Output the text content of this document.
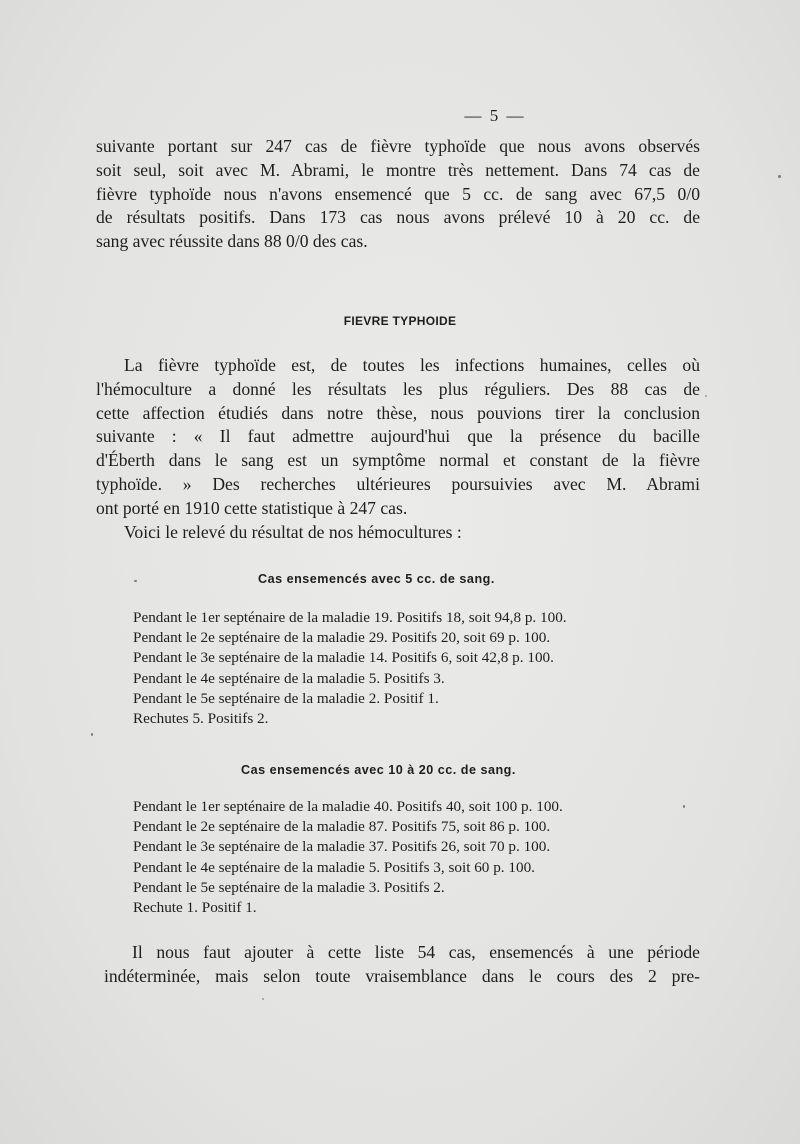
— 5 —
suivante portant sur 247 cas de fièvre typhoïde que nous avons observés
soit seul, soit avec M. Abrami, le montre très nettement. Dans 74 cas de
fièvre typhoïde nous n'avons ensemencé que 5 cc. de sang avec 67,5 0/0
de résultats positifs. Dans 173 cas nous avons prélevé 10 à 20 cc. de
sang avec réussite dans 88 0/0 des cas.
FIEVRE TYPHOIDE
La fièvre typhoïde est, de toutes les infections humaines, celles où
l'hémoculture a donné les résultats les plus réguliers. Des 88 cas de
cette affection étudiés dans notre thèse, nous pouvions tirer la conclusion
suivante : « Il faut admettre aujourd'hui que la présence du bacille
d'Éberth dans le sang est un symptôme normal et constant de la fièvre
typhoïde. » Des recherches ultérieures poursuivies avec M. Abrami
ont porté en 1910 cette statistique à 247 cas.
Voici le relevé du résultat de nos hémocultures :
Cas ensemencés avec 5 cc. de sang.
Pendant le 1er septénaire de la maladie 19. Positifs 18, soit 94,8 p. 100.
Pendant le 2e septénaire de la maladie 29. Positifs 20, soit 69 p. 100.
Pendant le 3e septénaire de la maladie 14. Positifs 6, soit 42,8 p. 100.
Pendant le 4e septénaire de la maladie 5. Positifs 3.
Pendant le 5e septénaire de la maladie 2. Positif 1.
Rechutes 5. Positifs 2.
Cas ensemencés avec 10 à 20 cc. de sang.
Pendant le 1er septénaire de la maladie 40. Positifs 40, soit 100 p. 100.
Pendant le 2e septénaire de la maladie 87. Positifs 75, soit 86 p. 100.
Pendant le 3e septénaire de la maladie 37. Positifs 26, soit 70 p. 100.
Pendant le 4e septénaire de la maladie 5. Positifs 3, soit 60 p. 100.
Pendant le 5e septénaire de la maladie 3. Positifs 2.
Rechute 1. Positif 1.
Il nous faut ajouter à cette liste 54 cas, ensemencés à une période
indéterminée, mais selon toute vraisemblance dans le cours des 2 pre-
